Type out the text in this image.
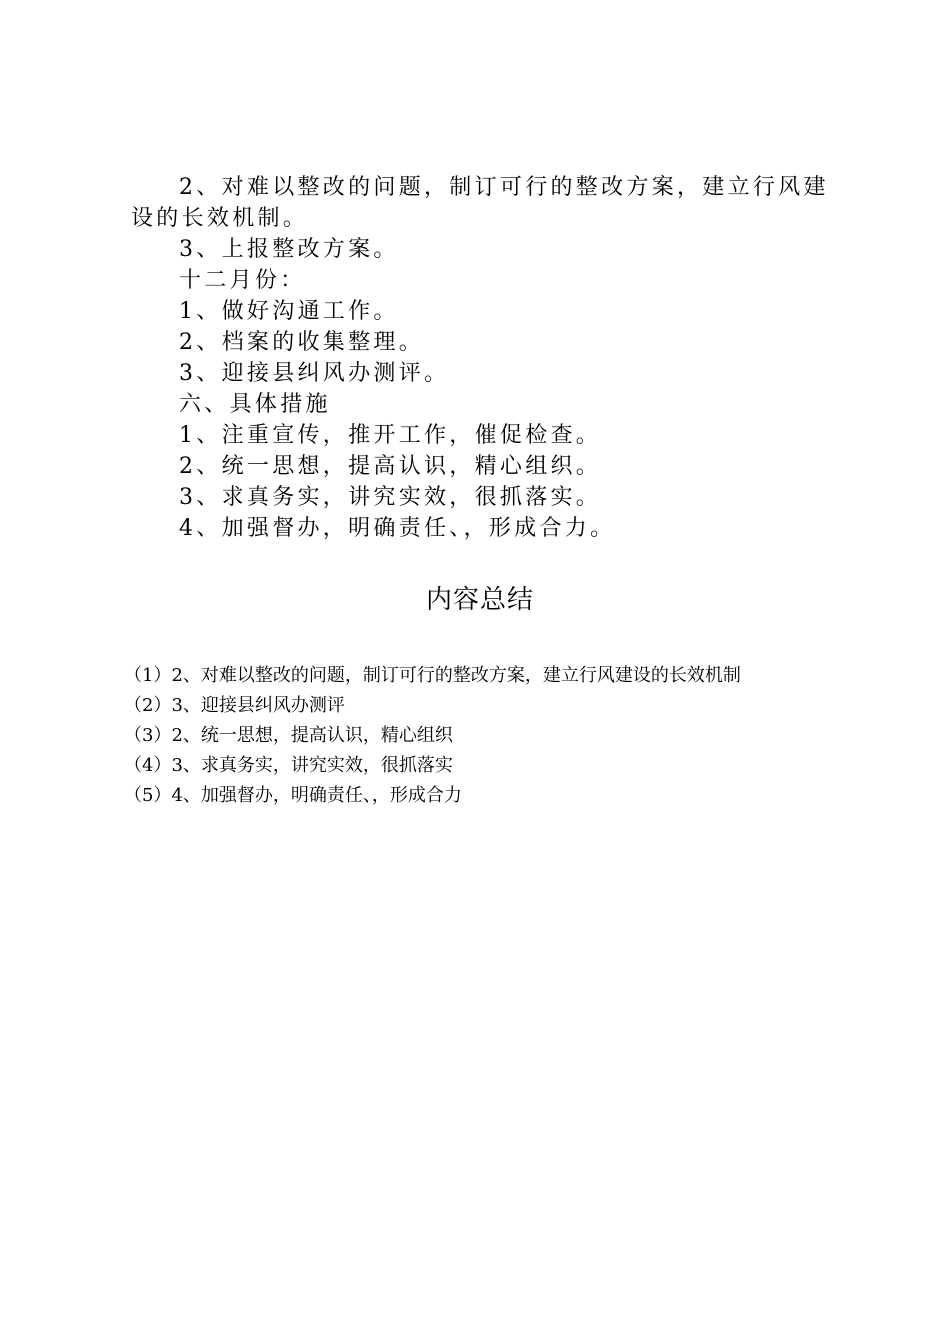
2、对难以整改的问题，制订可行的整改方案，建立行风建设的长效机制。

3、上报整改方案。

十二月份：

1、做好沟通工作。

2、档案的收集整理。

3、迎接县纠风办测评。

六、具体措施

1、注重宣传，推开工作，催促检查。

2、统一思想，提高认识，精心组织。

3、求真务实，讲究实效，很抓落实。

4、加强督办，明确责任、，形成合力。

内容总结

（1）2、对难以整改的问题，制订可行的整改方案，建立行风建设的长效机制

（2）3、迎接县纠风办测评

（3）2、统一思想，提高认识，精心组织

（4）3、求真务实，讲究实效，很抓落实

（5）4、加强督办，明确责任、，形成合力
